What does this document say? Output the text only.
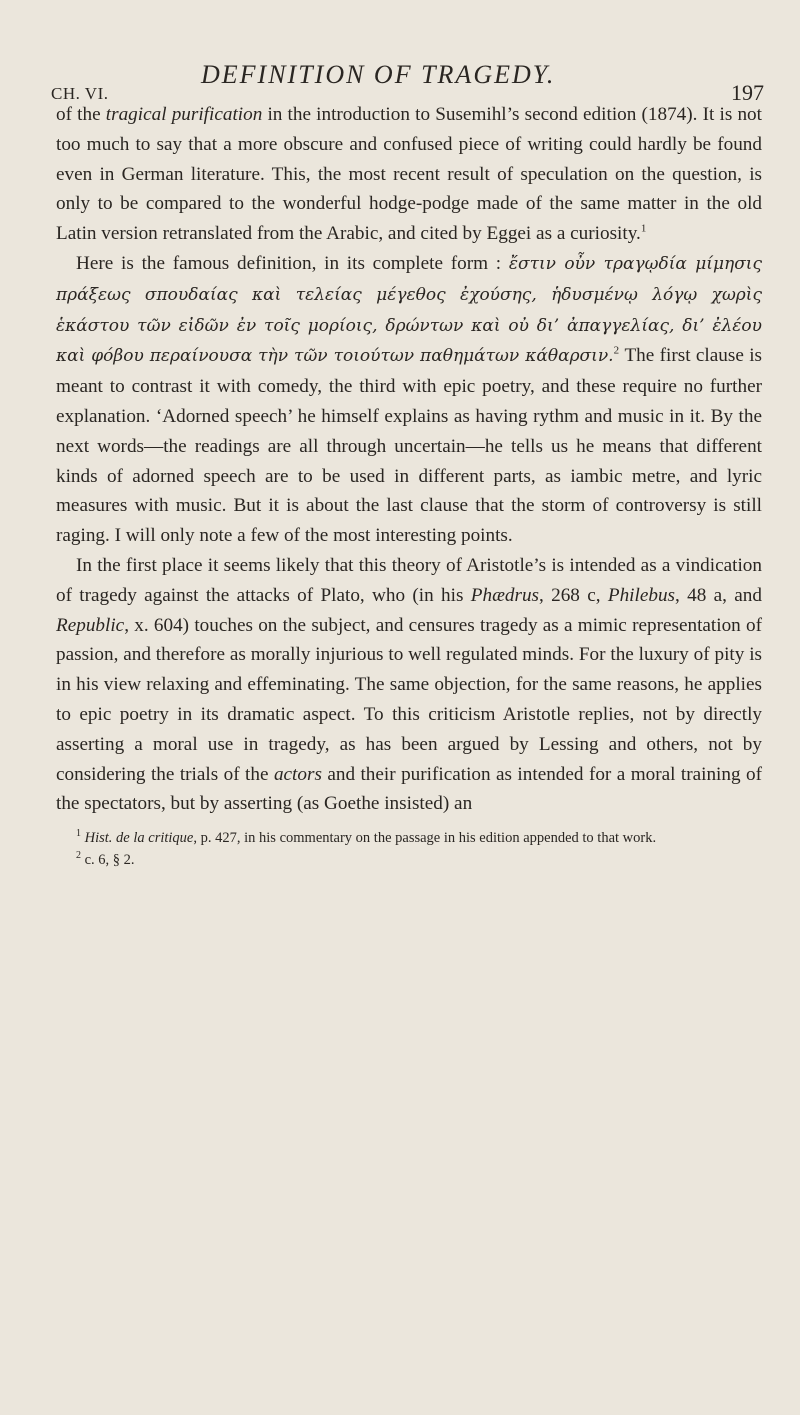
CH. VI.
DEFINITION OF TRAGEDY.
197

of the tragical purification in the introduction to Susemihl’s second edition (1874). It is not too much to say that a more obscure and confused piece of writing could hardly be found even in German literature. This, the most recent result of speculation on the question, is only to be compared to the wonderful hodge-podge made of the same matter in the old Latin version retranslated from the Arabic, and cited by Eggei as a curiosity.$^1$

Here is the famous definition, in its complete form : ἔστιν οὖν τραγῳδία μίμησις πράξεως σπουδαίας καὶ τελείας μέγεθος ἐχούσης, ἡδυσμένῳ λόγῳ χωρὶς ἑκάστου τῶν εἰδῶν ἐν τοῖς μορίοις, δρώντων καὶ οὐ δι’ ἀπαγγελίας, δι’ ἐλέου καὶ φόβου περαίνουσα τὴν τῶν τοιούτων παθημάτων κάθαρσιν.$^2$ The first clause is meant to contrast it with comedy, the third with epic poetry, and these require no further explanation. ‘Adorned speech’ he himself explains as having rythm and music in it. By the next words—the readings are all through uncertain—he tells us he means that different kinds of adorned speech are to be used in different parts, as iambic metre, and lyric measures with music. But it is about the last clause that the storm of controversy is still raging. I will only note a few of the most interesting points.

In the first place it seems likely that this theory of Aristotle’s is intended as a vindication of tragedy against the attacks of Plato, who (in his Phædrus, 268 c, Philebus, 48 a, and Republic, x. 604) touches on the subject, and censures tragedy as a mimic representation of passion, and therefore as morally injurious to well regulated minds. For the luxury of pity is in his view relaxing and effeminating. The same objection, for the same reasons, he applies to epic poetry in its dramatic aspect. To this criticism Aristotle replies, not by directly asserting a moral use in tragedy, as has been argued by Lessing and others, not by considering the trials of the actors and their purification as intended for a moral training of the spectators, but by asserting (as Goethe insisted) an

$^1$ Hist. de la critique, p. 427, in his commentary on the passage in his edition appended to that work.

$^2$ c. 6, § 2.
